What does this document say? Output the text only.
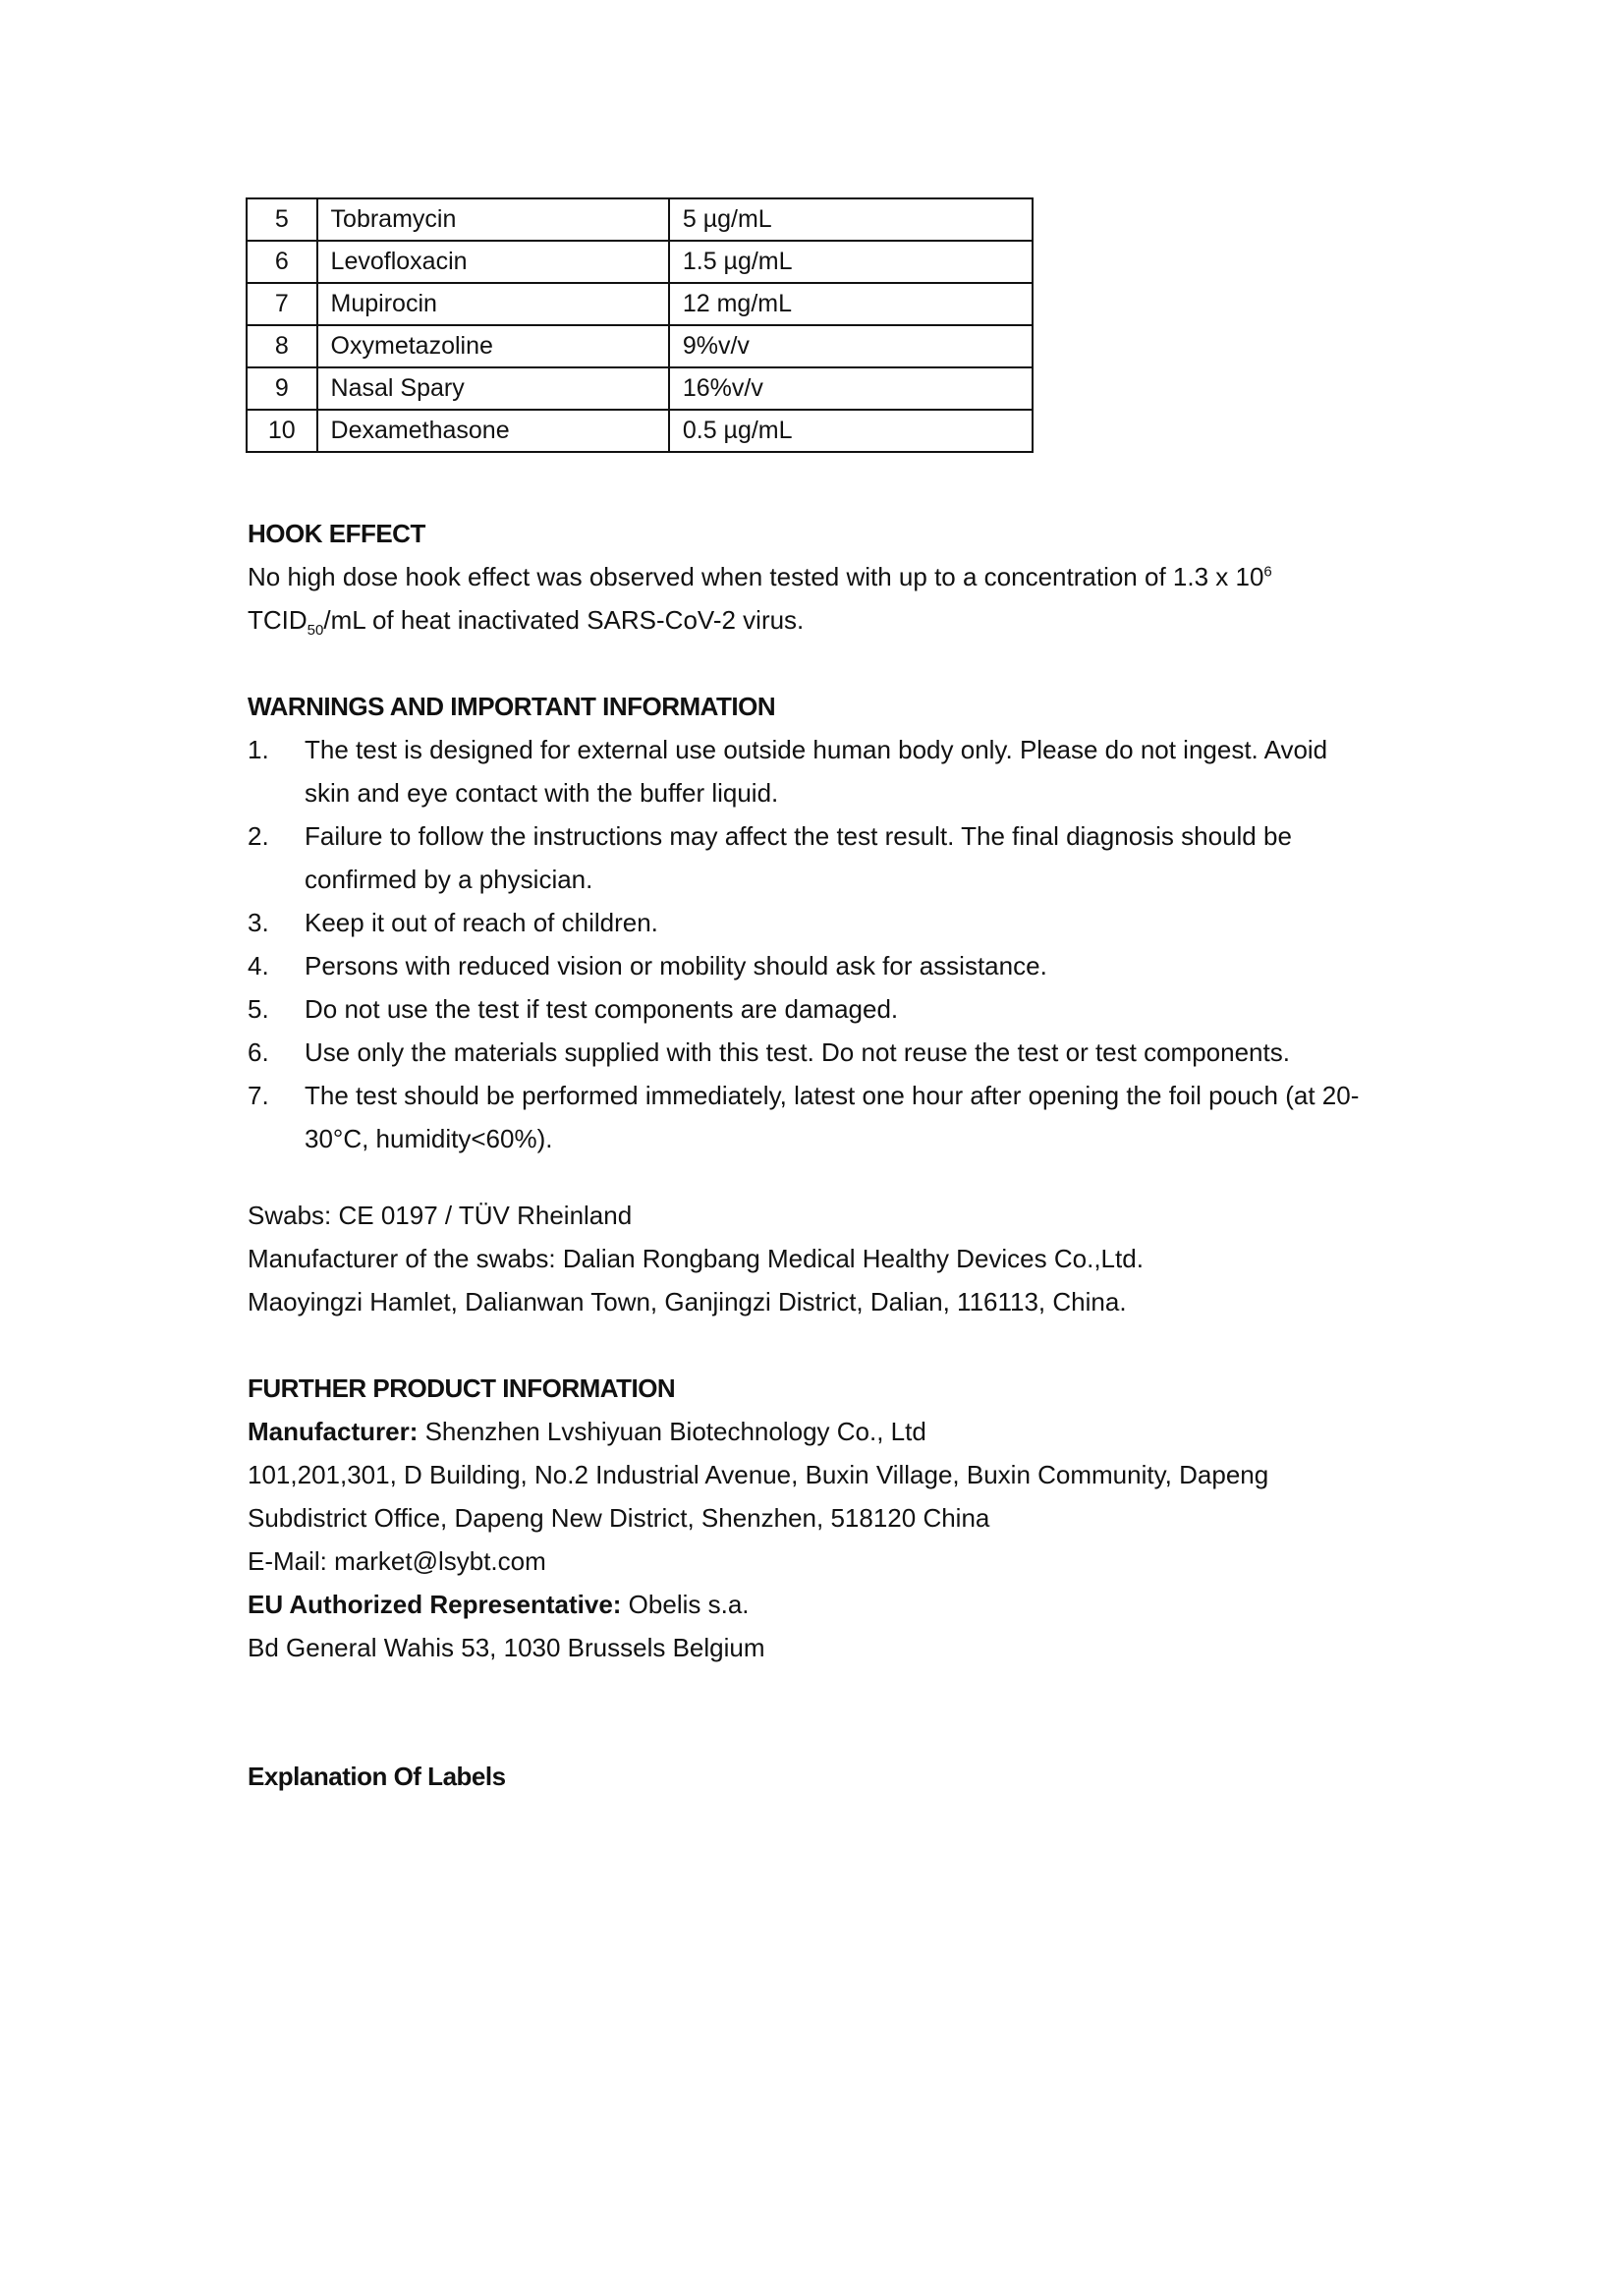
5	Tobramycin	5 µg/mL
6	Levofloxacin	1.5 µg/mL
7	Mupirocin	12 mg/mL
8	Oxymetazoline	9%v/v
9	Nasal Spary	16%v/v
10	Dexamethasone	0.5 µg/mL
HOOK EFFECT
No high dose hook effect was observed when tested with up to a concentration of 1.3 x $10^6$
$TCID_{50}/mL$ of heat inactivated SARS-CoV-2 virus.
WARNINGS AND IMPORTANT INFORMATION
1.	The test is designed for external use outside human body only. Please do not ingest. Avoid skin and eye contact with the buffer liquid.
2.	Failure to follow the instructions may affect the test result. The final diagnosis should be confirmed by a physician.
3.	Keep it out of reach of children.
4.	Persons with reduced vision or mobility should ask for assistance.
5.	Do not use the test if test components are damaged.
6.	Use only the materials supplied with this test. Do not reuse the test or test components.
7.	The test should be performed immediately, latest one hour after opening the foil pouch (at 20-30°C, humidity<60%).
Swabs: CE 0197 / TÜV Rheinland
Manufacturer of the swabs: Dalian Rongbang Medical Healthy Devices Co.,Ltd.
Maoyingzi Hamlet, Dalianwan Town, Ganjingzi District, Dalian, 116113, China.
FURTHER PRODUCT INFORMATION
Manufacturer: Shenzhen Lvshiyuan Biotechnology Co., Ltd
101,201,301, D Building, No.2 Industrial Avenue, Buxin Village, Buxin Community, Dapeng
Subdistrict Office, Dapeng New District, Shenzhen, 518120 China
E-Mail: market@lsybt.com
EU Authorized Representative: Obelis s.a.
Bd General Wahis 53, 1030 Brussels Belgium
Explanation Of Labels
